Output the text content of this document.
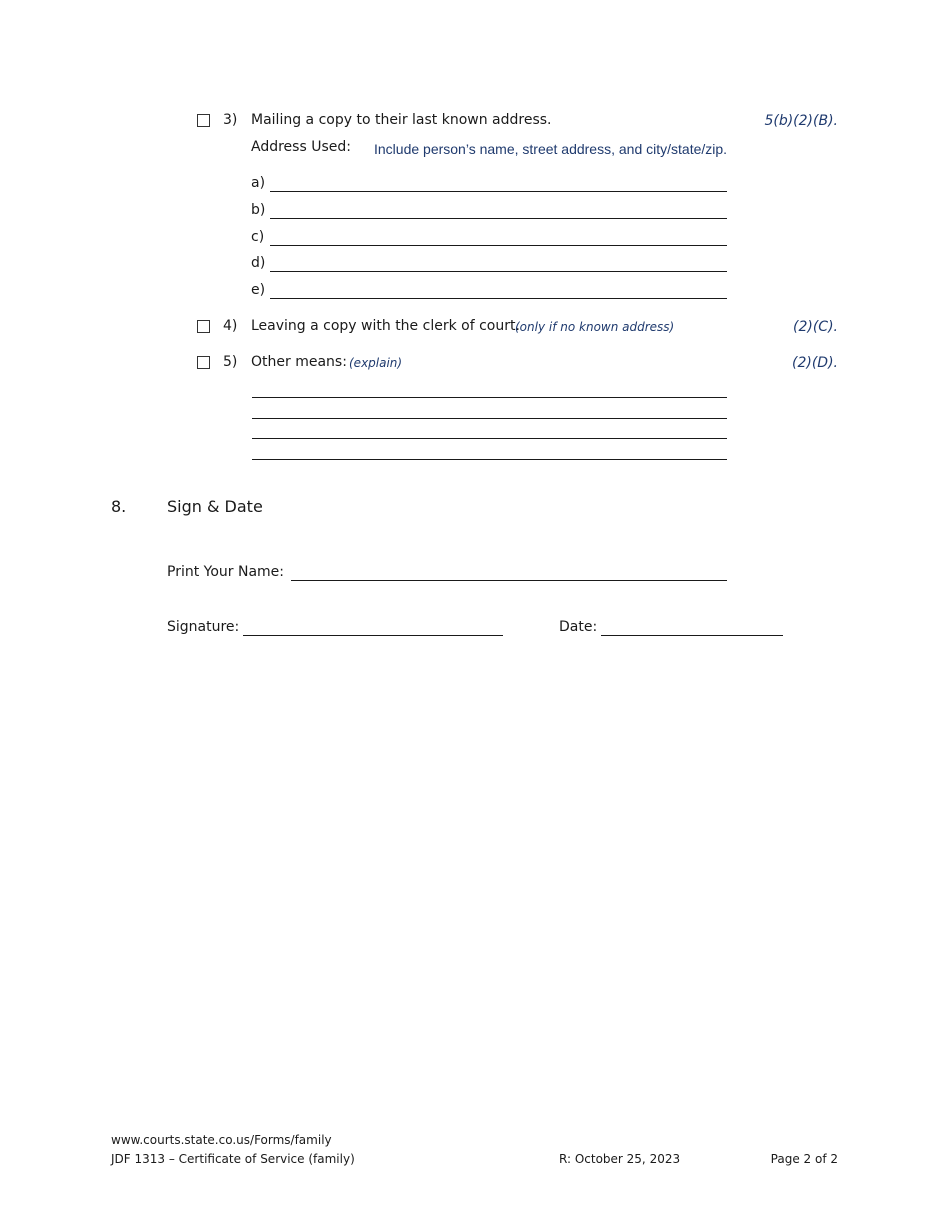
3) Mailing a copy to their last known address.	5(b)(2)(B).
Address Used: Include person’s name, street address, and city/state/zip.
a)
b)
c)
d)
e)
4) Leaving a copy with the clerk of court.
(only if no known address)	(2)(C).
5) Other means: (explain)	(2)(D).
8.	Sign & Date
Print Your Name:
Signature:	Date:
www.courts.state.co.us/Forms/family
JDF 1313 – Certificate of Service (family)	R: October 25, 2023	Page 2 of 2
